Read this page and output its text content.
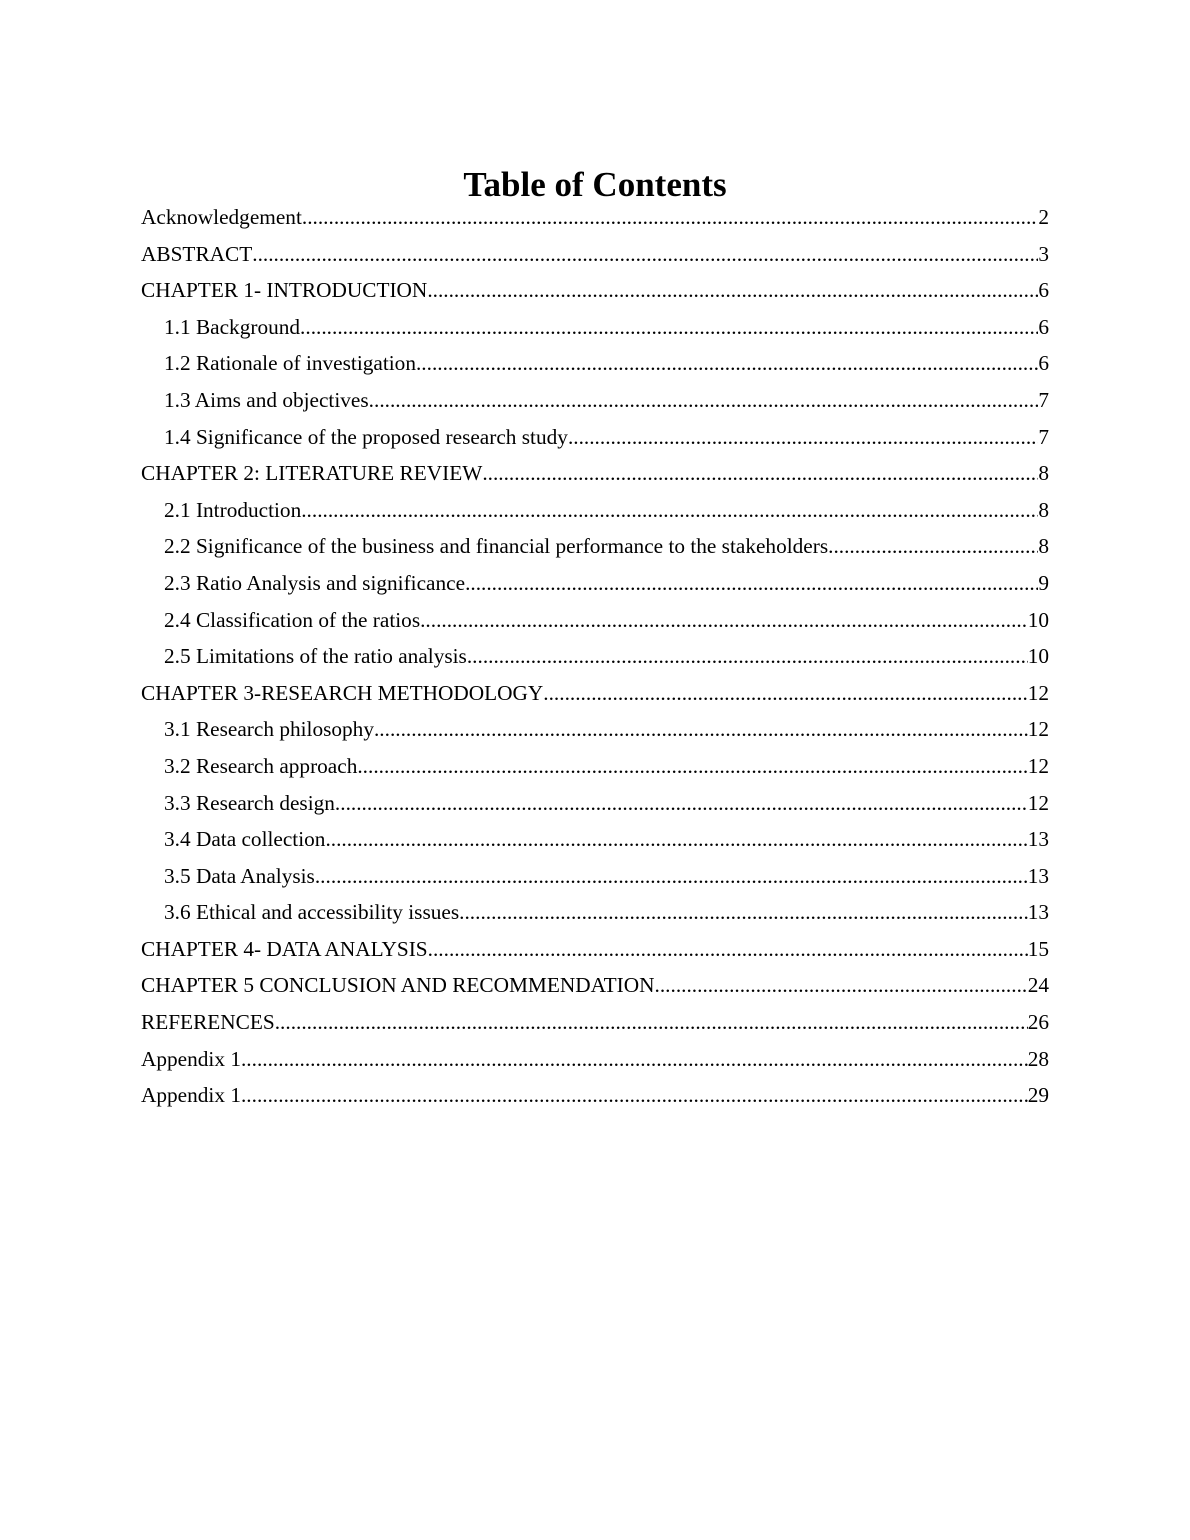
Table of Contents
Acknowledgement .....	2
ABSTRACT .....	3
CHAPTER 1- INTRODUCTION .....	6
1.1 Background .....	6
1.2 Rationale of investigation .....	6
1.3 Aims and objectives .....	7
1.4 Significance of the proposed research study .....	7
CHAPTER 2: LITERATURE REVIEW .....	8
2.1 Introduction .....	8
2.2 Significance of the business and financial performance to the stakeholders .....	8
2.3 Ratio Analysis and significance .....	9
2.4 Classification of the ratios .....	10
2.5 Limitations of the ratio analysis .....	10
CHAPTER 3-RESEARCH METHODOLOGY .....	12
3.1 Research philosophy .....	12
3.2 Research approach .....	12
3.3 Research design .....	12
3.4 Data collection .....	13
3.5 Data Analysis .....	13
3.6 Ethical and accessibility issues .....	13
CHAPTER 4- DATA ANALYSIS .....	15
CHAPTER 5 CONCLUSION AND RECOMMENDATION .....	24
REFERENCES .....	26
Appendix 1 .....	28
Appendix 1 .....	29
